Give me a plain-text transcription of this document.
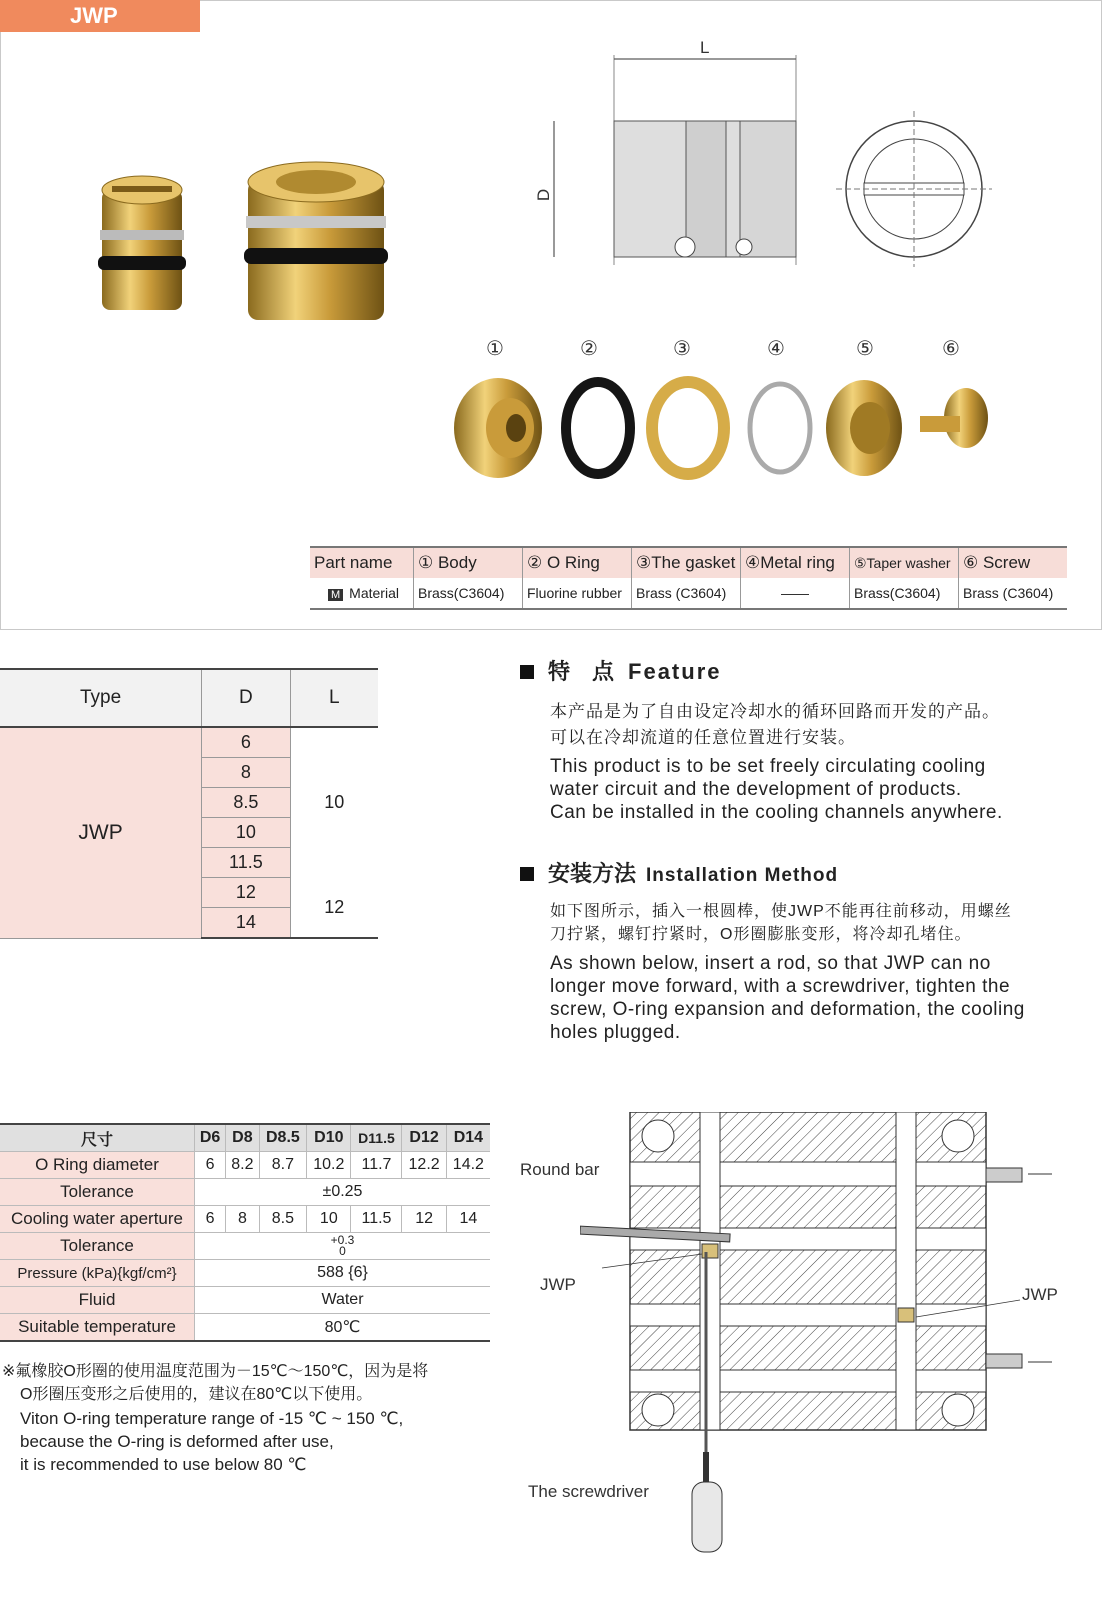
JWP
L
D
①	②	③	④	⑤	⑥
Part name	① Body	② O Ring	③The gasket	④Metal ring	⑤Taper washer	⑥ Screw
M Material	Brass(C3604)	Fluorine rubber	Brass (C3604)	——	Brass(C3604)	Brass (C3604)
Type	D	L
JWP	6	10
	8	
	8.5	
	10	
	11.5	
	12	12
	14	
特　点 Feature
本产品是为了自由设定冷却水的循环回路而开发的产品。
可以在冷却流道的任意位置进行安装。
This product is to be set freely circulating cooling
water circuit and the development of products.
Can be installed in the cooling channels anywhere.
安装方法 Installation Method
如下图所示，插入一根圆棒，使JWP不能再往前移动，用螺丝
刀拧紧，螺钉拧紧时，O形圈膨胀变形，将冷却孔堵住。
As shown below, insert a rod, so that JWP can no
longer move forward, with a screwdriver, tighten the
screw, O-ring expansion and deformation, the cooling
holes plugged.
尺寸	D6	D8	D8.5	D10	D11.5	D12	D14
O Ring diameter	6	8.2	8.7	10.2	11.7	12.2	14.2
Tolerance	±0.25						
Cooling water aperture	6	8	8.5	10	11.5	12	14
Tolerance	+0.3
0						

Pressure (kPa){kgf/cm²}	588 {6}						
Fluid	Water						
Suitable temperature	80℃						
※氟橡胶O形圈的使用温度范围为－15℃～150℃，因为是将
O形圈压变形之后使用的，建议在80℃以下使用。
Viton O-ring temperature range of -15 ℃ ~ 150 ℃,
because the O-ring is deformed after use,
it is recommended to use below 80 ℃
Round bar
JWP
JWP
The screwdriver
